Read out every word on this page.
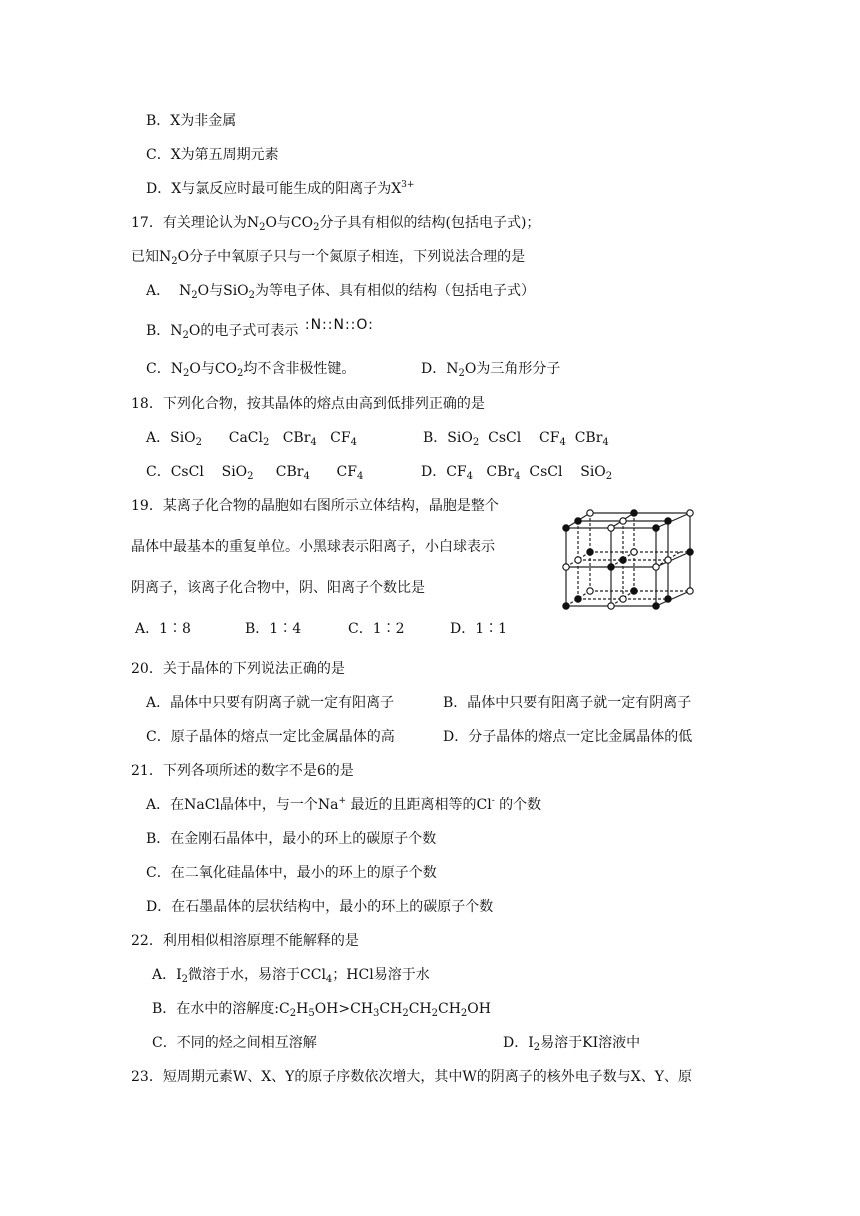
B．X为非金属
C．X为第五周期元素
D．X与氯反应时最可能生成的阳离子为$X^{3+}$
17．有关理论认为$N_2O$与$CO_2$分子具有相似的结构(包括电子式)；
已知$N_2O$分子中氧原子只与一个氮原子相连，下列说法合理的是
A．  $N_2O$与SiO$_2$为等电子体、具有相似的结构（包括电子式）
B．$N_2O$的电子式可表示 :N::N::O:
C．$N_2O$与$CO_2$均不含非极性键。	D．$N_2O$为三角形分子
18．下列化合物，按其晶体的熔点由高到低排列正确的是
A．SiO$_2$      CaCl$_2$   CBr$_4$   $CF_4$	B．SiO$_2$  CsCl    $CF_4$  CBr$_4$
C．CsCl    SiO$_2$     CBr$_4$      $CF_4$	D．$CF_4$   CBr$_4$  CsCl    SiO$_2$
19．某离子化合物的晶胞如右图所示立体结构，晶胞是整个
晶体中最基本的重复单位。小黑球表示阳离子，小白球表示
阴离子，该离子化合物中，阴、阳离子个数比是
A．1∶8	B．1∶4	C．1∶2	D．1∶1
20．关于晶体的下列说法正确的是
A．晶体中只要有阴离子就一定有阳离子	B．晶体中只要有阳离子就一定有阴离子
C．原子晶体的熔点一定比金属晶体的高	D．分子晶体的熔点一定比金属晶体的低
21．下列各项所述的数字不是6的是
A．在NaCl晶体中，与一个Na+ 最近的且距离相等的Cl- 的个数
B．在金刚石晶体中，最小的环上的碳原子个数
C．在二氧化硅晶体中，最小的环上的原子个数
D．在石墨晶体的层状结构中，最小的环上的碳原子个数
22．利用相似相溶原理不能解释的是
A．$I_2$微溶于水，易溶于CCl$_4$；HCl易溶于水
B．在水中的溶解度$:C_2H_5OH>CH_3CH_2CH_2CH_2OH$
C．不同的烃之间相互溶解	D．$I_2$易溶于KI溶液中
23．短周期元素W、X、Y的原子序数依次增大，其中W的阴离子的核外电子数与X、Y、原
